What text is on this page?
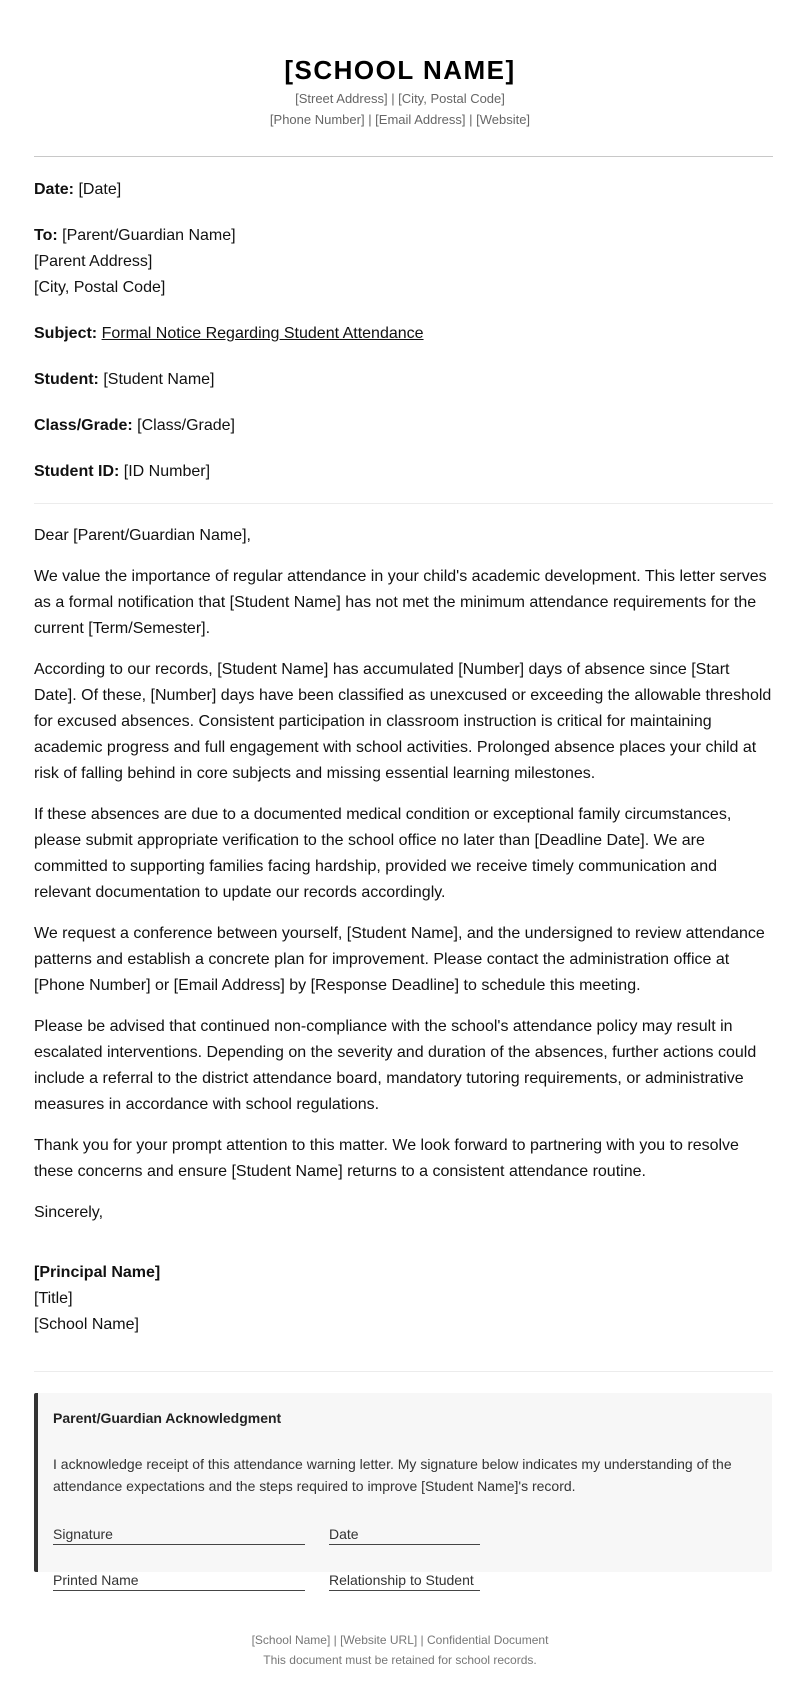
[SCHOOL NAME]
[Street Address] | [City, Postal Code]
[Phone Number] | [Email Address] | [Website]
Date: [Date]
To: [Parent/Guardian Name]
[Parent Address]
[City, Postal Code]
Subject: Formal Notice Regarding Student Attendance
Student: [Student Name]
Class/Grade: [Class/Grade]
Student ID: [ID Number]

Dear [Parent/Guardian Name],

We value the importance of regular attendance in your child's academic development. This letter serves as a formal notification that [Student Name] has not met the minimum attendance requirements for the current [Term/Semester].

According to our records, [Student Name] has accumulated [Number] days of absence since [Start Date]. Of these, [Number] days have been classified as unexcused or exceeding the allowable threshold for excused absences. Consistent participation in classroom instruction is critical for maintaining academic progress and full engagement with school activities. Prolonged absence places your child at risk of falling behind in core subjects and missing essential learning milestones.

If these absences are due to a documented medical condition or exceptional family circumstances, please submit appropriate verification to the school office no later than [Deadline Date]. We are committed to supporting families facing hardship, provided we receive timely communication and relevant documentation to update our records accordingly.

We request a conference between yourself, [Student Name], and the undersigned to review attendance patterns and establish a concrete plan for improvement. Please contact the administration office at [Phone Number] or [Email Address] by [Response Deadline] to schedule this meeting.

Please be advised that continued non-compliance with the school's attendance policy may result in escalated interventions. Depending on the severity and duration of the absences, further actions could include a referral to the district attendance board, mandatory tutoring requirements, or administrative measures in accordance with school regulations.

Thank you for your prompt attention to this matter. We look forward to partnering with you to resolve these concerns and ensure [Student Name] returns to a consistent attendance routine.

Sincerely,

[Principal Name]
[Title]
[School Name]
Parent/Guardian Acknowledgment
I acknowledge receipt of this attendance warning letter. My signature below indicates my understanding of the attendance expectations and the steps required to improve [Student Name]'s record.
Signature	Date
Printed Name	Relationship to Student
[School Name] | [Website URL] | Confidential Document
This document must be retained for school records.
